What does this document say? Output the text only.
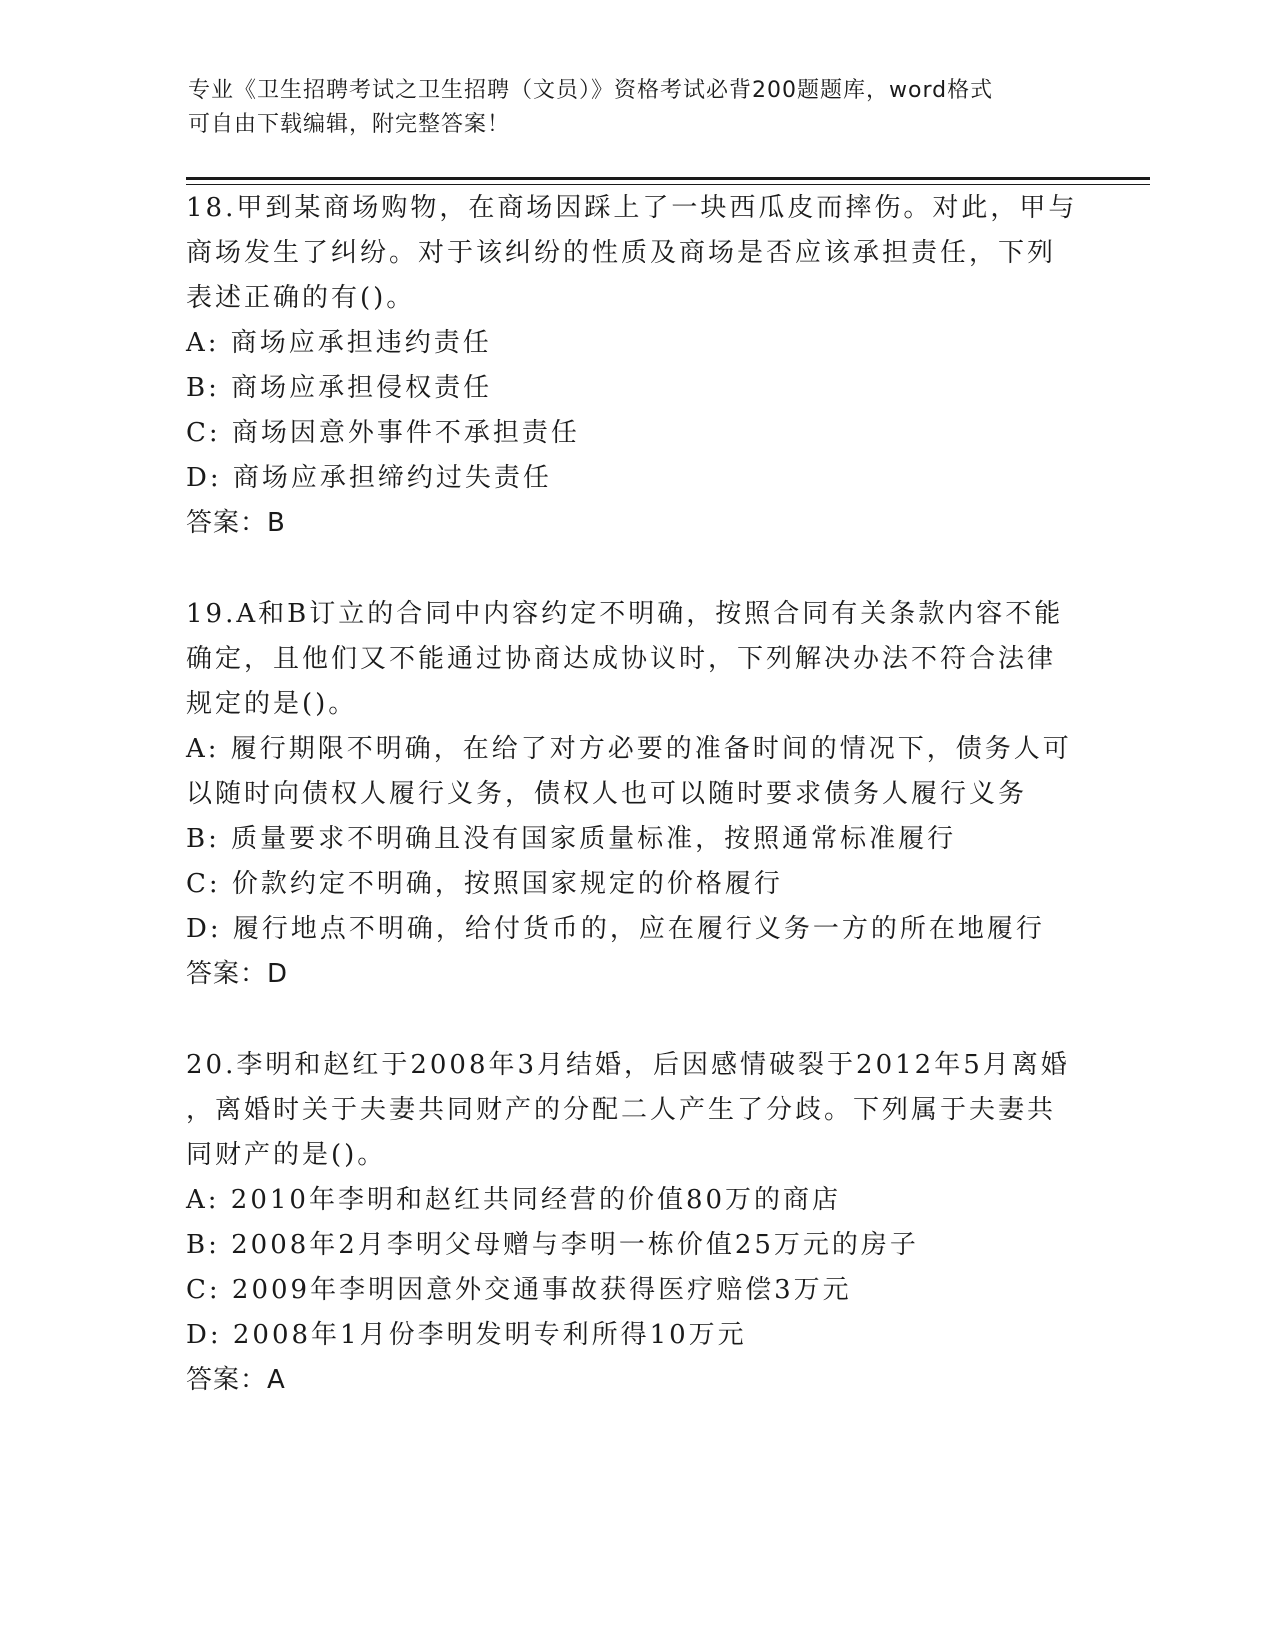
专业《卫生招聘考试之卫生招聘（文员）》资格考试必背200题题库，word格式
可自由下载编辑，附完整答案！
18.甲到某商场购物，在商场因踩上了一块西瓜皮而摔伤。对此，甲与
商场发生了纠纷。对于该纠纷的性质及商场是否应该承担责任，下列
表述正确的有()。
A: 商场应承担违约责任
B: 商场应承担侵权责任
C: 商场因意外事件不承担责任
D: 商场应承担缔约过失责任
答案：B
19.A和B订立的合同中内容约定不明确，按照合同有关条款内容不能
确定，且他们又不能通过协商达成协议时，下列解决办法不符合法律
规定的是()。
A: 履行期限不明确，在给了对方必要的准备时间的情况下，债务人可
以随时向债权人履行义务，债权人也可以随时要求债务人履行义务
B: 质量要求不明确且没有国家质量标准，按照通常标准履行
C: 价款约定不明确，按照国家规定的价格履行
D: 履行地点不明确，给付货币的，应在履行义务一方的所在地履行
答案：D
20.李明和赵红于2008年3月结婚，后因感情破裂于2012年5月离婚
，离婚时关于夫妻共同财产的分配二人产生了分歧。下列属于夫妻共
同财产的是()。
A: 2010年李明和赵红共同经营的价值80万的商店
B: 2008年2月李明父母赠与李明一栋价值25万元的房子
C: 2009年李明因意外交通事故获得医疗赔偿3万元
D: 2008年1月份李明发明专利所得10万元
答案：A
